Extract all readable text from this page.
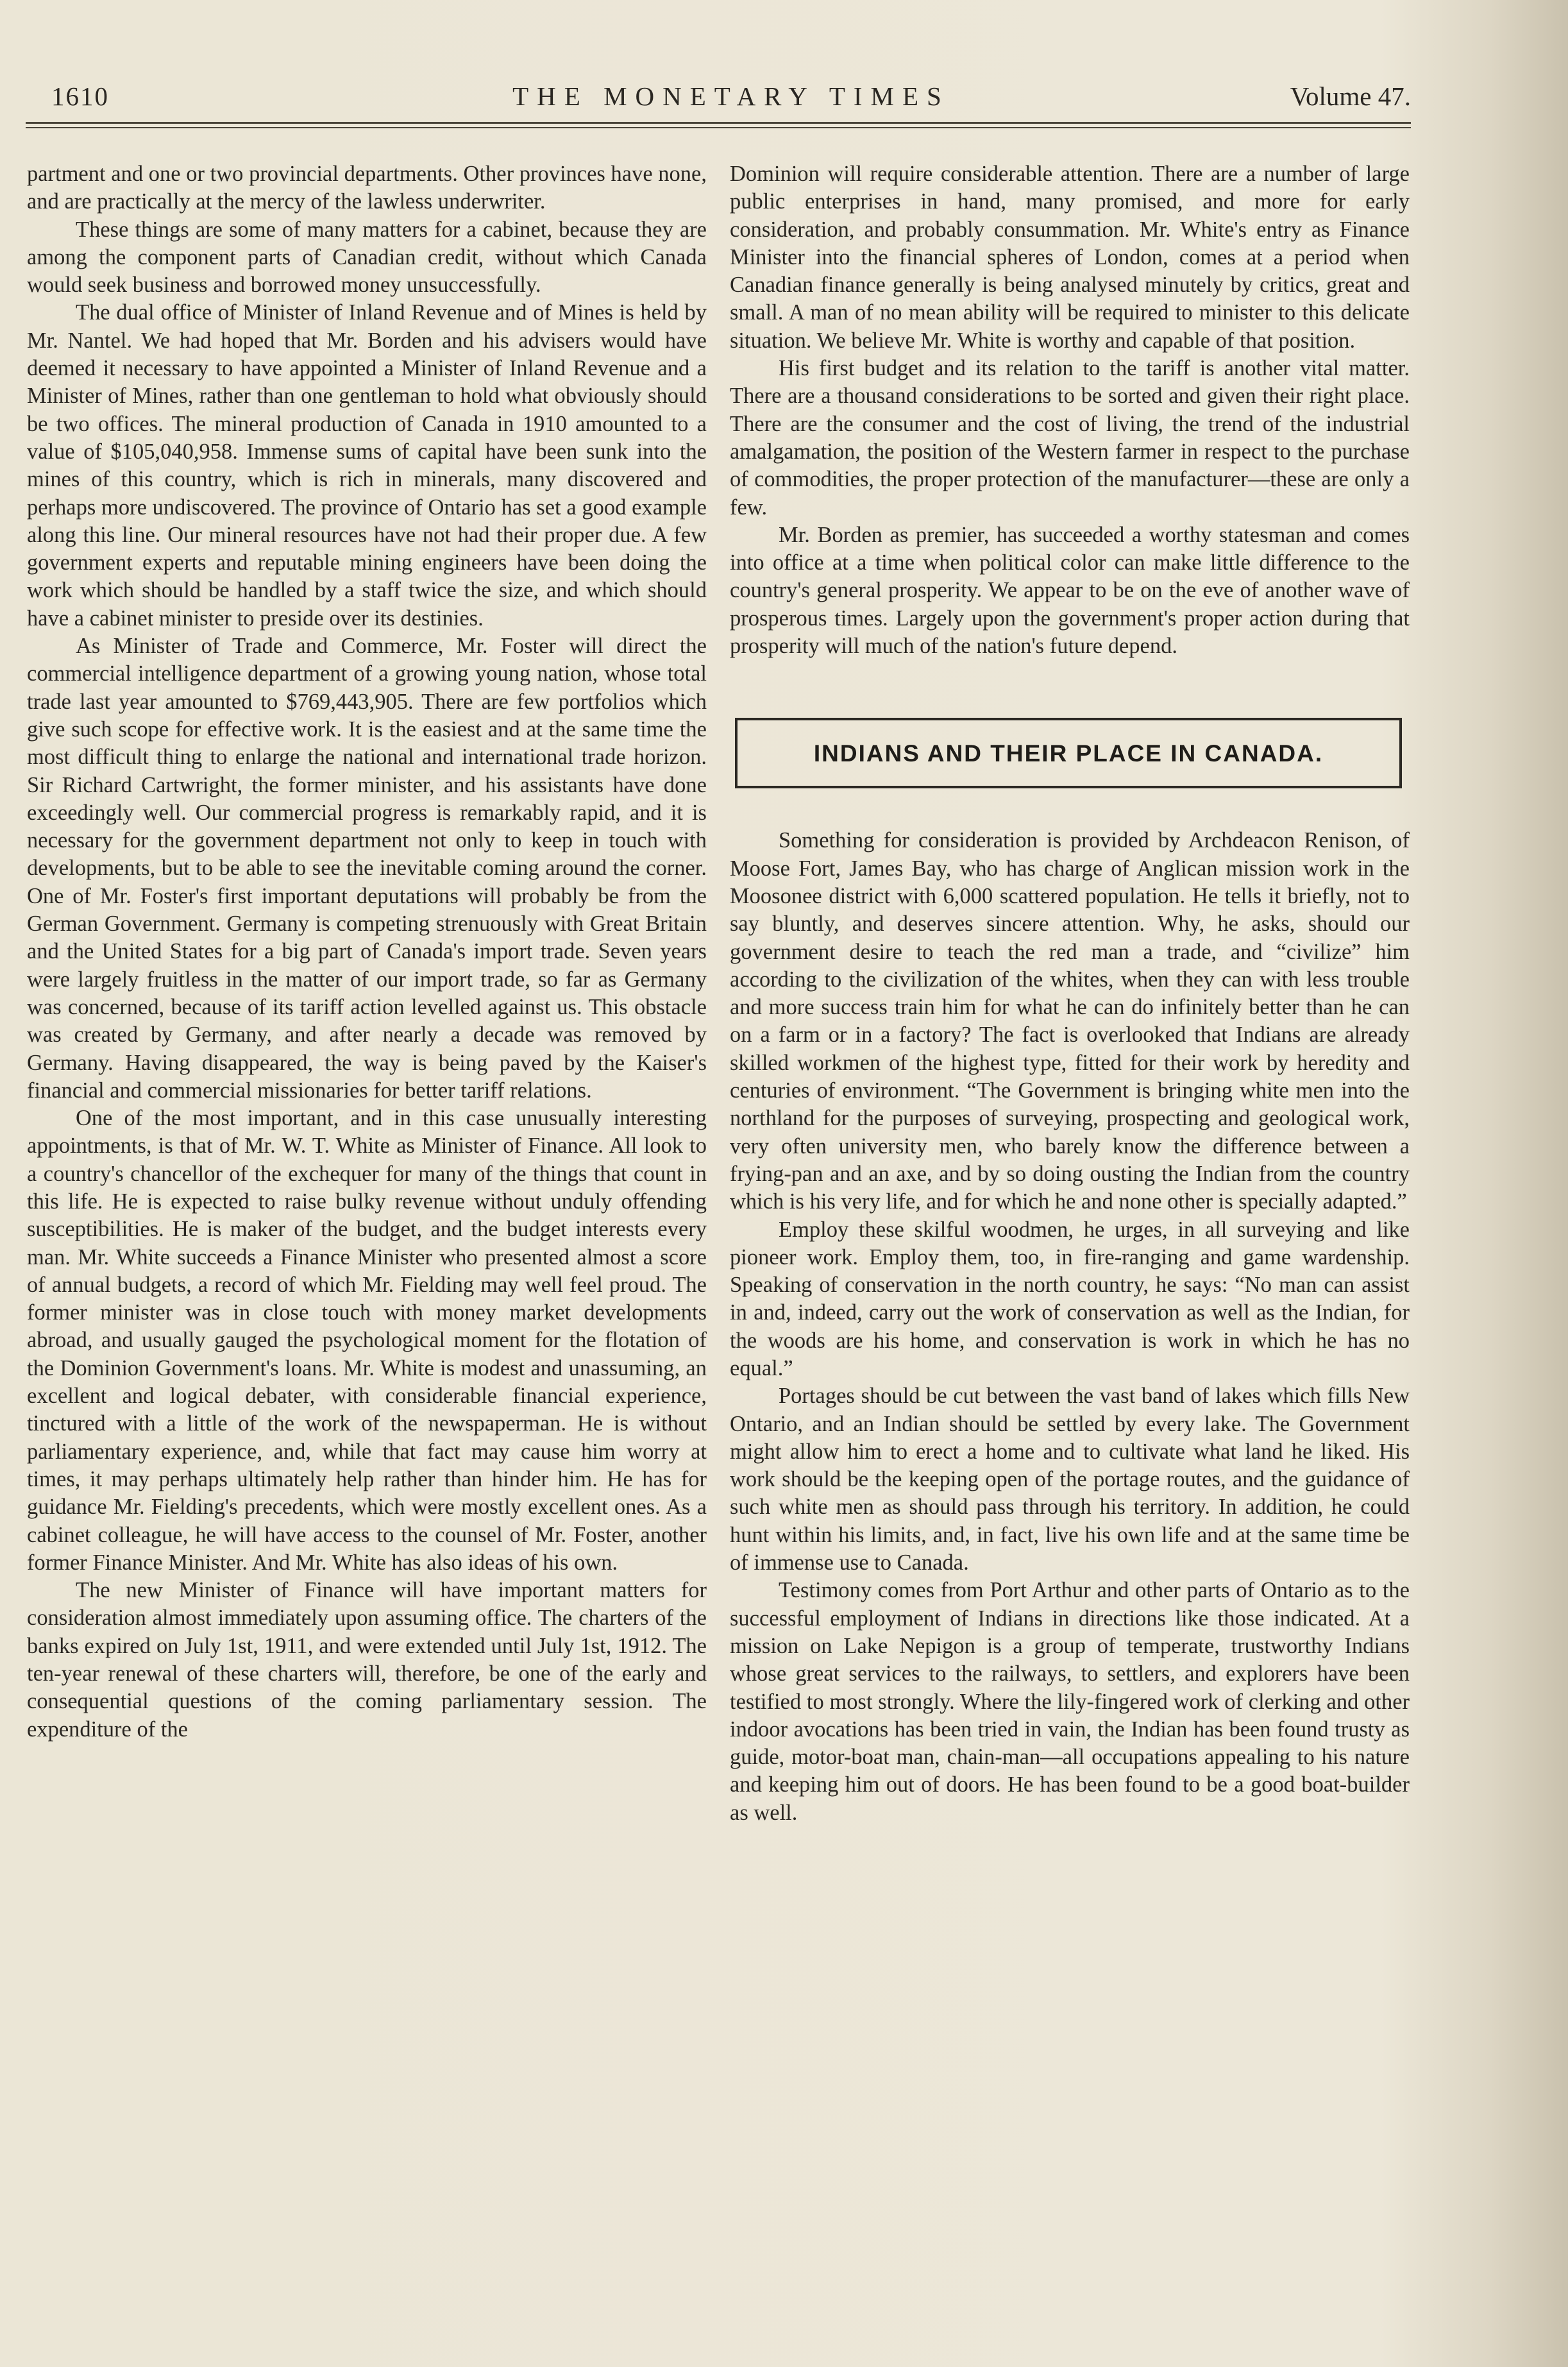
1610	THE MONETARY TIMES	Volume 47.

partment and one or two provincial departments. Other provinces have none, and are practically at the mercy of the lawless underwriter.

These things are some of many matters for a cabinet, because they are among the component parts of Canadian credit, without which Canada would seek business and borrowed money unsuccessfully.

The dual office of Minister of Inland Revenue and of Mines is held by Mr. Nantel. We had hoped that Mr. Borden and his advisers would have deemed it necessary to have appointed a Minister of Inland Revenue and a Minister of Mines, rather than one gentleman to hold what obviously should be two offices. The mineral production of Canada in 1910 amounted to a value of $105,040,958. Immense sums of capital have been sunk into the mines of this country, which is rich in minerals, many discovered and perhaps more undiscovered. The province of Ontario has set a good example along this line. Our mineral resources have not had their proper due. A few government experts and reputable mining engineers have been doing the work which should be handled by a staff twice the size, and which should have a cabinet minister to preside over its destinies.

As Minister of Trade and Commerce, Mr. Foster will direct the commercial intelligence department of a growing young nation, whose total trade last year amounted to $769,443,905. There are few portfolios which give such scope for effective work. It is the easiest and at the same time the most difficult thing to enlarge the national and international trade horizon. Sir Richard Cartwright, the former minister, and his assistants have done exceedingly well. Our commercial progress is remarkably rapid, and it is necessary for the government department not only to keep in touch with developments, but to be able to see the inevitable coming around the corner. One of Mr. Foster's first important deputations will probably be from the German Government. Germany is competing strenuously with Great Britain and the United States for a big part of Canada's import trade. Seven years were largely fruitless in the matter of our import trade, so far as Germany was concerned, because of its tariff action levelled against us. This obstacle was created by Germany, and after nearly a decade was removed by Germany. Having disappeared, the way is being paved by the Kaiser's financial and commercial missionaries for better tariff relations.

One of the most important, and in this case unusually interesting appointments, is that of Mr. W. T. White as Minister of Finance. All look to a country's chancellor of the exchequer for many of the things that count in this life. He is expected to raise bulky revenue without unduly offending susceptibilities. He is maker of the budget, and the budget interests every man. Mr. White succeeds a Finance Minister who presented almost a score of annual budgets, a record of which Mr. Fielding may well feel proud. The former minister was in close touch with money market developments abroad, and usually gauged the psychological moment for the flotation of the Dominion Government's loans. Mr. White is modest and unassuming, an excellent and logical debater, with considerable financial experience, tinctured with a little of the work of the newspaperman. He is without parliamentary experience, and, while that fact may cause him worry at times, it may perhaps ultimately help rather than hinder him. He has for guidance Mr. Fielding's precedents, which were mostly excellent ones. As a cabinet colleague, he will have access to the counsel of Mr. Foster, another former Finance Minister. And Mr. White has also ideas of his own.

The new Minister of Finance will have important matters for consideration almost immediately upon assuming office. The charters of the banks expired on July 1st, 1911, and were extended until July 1st, 1912. The ten-year renewal of these charters will, therefore, be one of the early and consequential questions of the coming parliamentary session. The expenditure of the

Dominion will require considerable attention. There are a number of large public enterprises in hand, many promised, and more for early consideration, and probably consummation. Mr. White's entry as Finance Minister into the financial spheres of London, comes at a period when Canadian finance generally is being analysed minutely by critics, great and small. A man of no mean ability will be required to minister to this delicate situation. We believe Mr. White is worthy and capable of that position.

His first budget and its relation to the tariff is another vital matter. There are a thousand considerations to be sorted and given their right place. There are the consumer and the cost of living, the trend of the industrial amalgamation, the position of the Western farmer in respect to the purchase of commodities, the proper protection of the manufacturer—these are only a few.

Mr. Borden as premier, has succeeded a worthy statesman and comes into office at a time when political color can make little difference to the country's general prosperity. We appear to be on the eve of another wave of prosperous times. Largely upon the government's proper action during that prosperity will much of the nation's future depend.

INDIANS AND THEIR PLACE IN CANADA.

Something for consideration is provided by Archdeacon Renison, of Moose Fort, James Bay, who has charge of Anglican mission work in the Moosonee district with 6,000 scattered population. He tells it briefly, not to say bluntly, and deserves sincere attention. Why, he asks, should our government desire to teach the red man a trade, and “civilize” him according to the civilization of the whites, when they can with less trouble and more success train him for what he can do infinitely better than he can on a farm or in a factory? The fact is overlooked that Indians are already skilled workmen of the highest type, fitted for their work by heredity and centuries of environment. “The Government is bringing white men into the northland for the purposes of surveying, prospecting and geological work, very often university men, who barely know the difference between a frying-pan and an axe, and by so doing ousting the Indian from the country which is his very life, and for which he and none other is specially adapted.”

Employ these skilful woodmen, he urges, in all surveying and like pioneer work. Employ them, too, in fire-ranging and game wardenship. Speaking of conservation in the north country, he says: “No man can assist in and, indeed, carry out the work of conservation as well as the Indian, for the woods are his home, and conservation is work in which he has no equal.”

Portages should be cut between the vast band of lakes which fills New Ontario, and an Indian should be settled by every lake. The Government might allow him to erect a home and to cultivate what land he liked. His work should be the keeping open of the portage routes, and the guidance of such white men as should pass through his territory. In addition, he could hunt within his limits, and, in fact, live his own life and at the same time be of immense use to Canada.

Testimony comes from Port Arthur and other parts of Ontario as to the successful employment of Indians in directions like those indicated. At a mission on Lake Nepigon is a group of temperate, trustworthy Indians whose great services to the railways, to settlers, and explorers have been testified to most strongly. Where the lily-fingered work of clerking and other indoor avocations has been tried in vain, the Indian has been found trusty as guide, motor-boat man, chain-man—all occupations appealing to his nature and keeping him out of doors. He has been found to be a good boat-builder as well.
